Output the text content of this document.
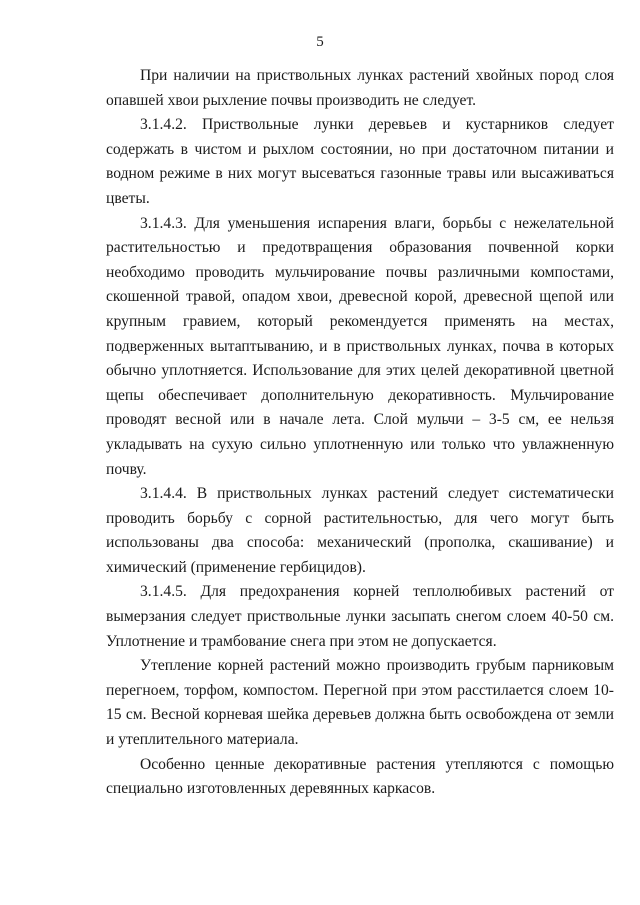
5

При наличии на приствольных лунках растений хвойных пород слоя опавшей хвои рыхление почвы производить не следует.

3.1.4.2. Приствольные лунки деревьев и кустарников следует содержать в чистом и рыхлом состоянии, но при достаточном питании и водном режиме в них могут высеваться газонные травы или высаживаться цветы.

3.1.4.3. Для уменьшения испарения влаги, борьбы с нежелательной растительностью и предотвращения образования почвенной корки необходимо проводить мульчирование почвы различными компостами, скошенной травой, опадом хвои, древесной корой, древесной щепой или крупным гравием, который рекомендуется применять на местах, подверженных вытаптыванию, и в приствольных лунках, почва в которых обычно уплотняется. Использование для этих целей декоративной цветной щепы обеспечивает дополнительную декоративность. Мульчирование проводят весной или в начале лета. Слой мульчи – 3-5 см, ее нельзя укладывать на сухую сильно уплотненную или только что увлажненную почву.

3.1.4.4. В приствольных лунках растений следует систематически проводить борьбу с сорной растительностью, для чего могут быть использованы два способа: механический (прополка, скашивание) и химический (применение гербицидов).

3.1.4.5. Для предохранения корней теплолюбивых растений от вымерзания следует приствольные лунки засыпать снегом слоем 40-50 см. Уплотнение и трамбование снега при этом не допускается.

Утепление корней растений можно производить грубым парниковым перегноем, торфом, компостом. Перегной при этом расстилается слоем 10-15 см. Весной корневая шейка деревьев должна быть освобождена от земли и утеплительного материала.

Особенно ценные декоративные растения утепляются с помощью специально изготовленных деревянных каркасов.
